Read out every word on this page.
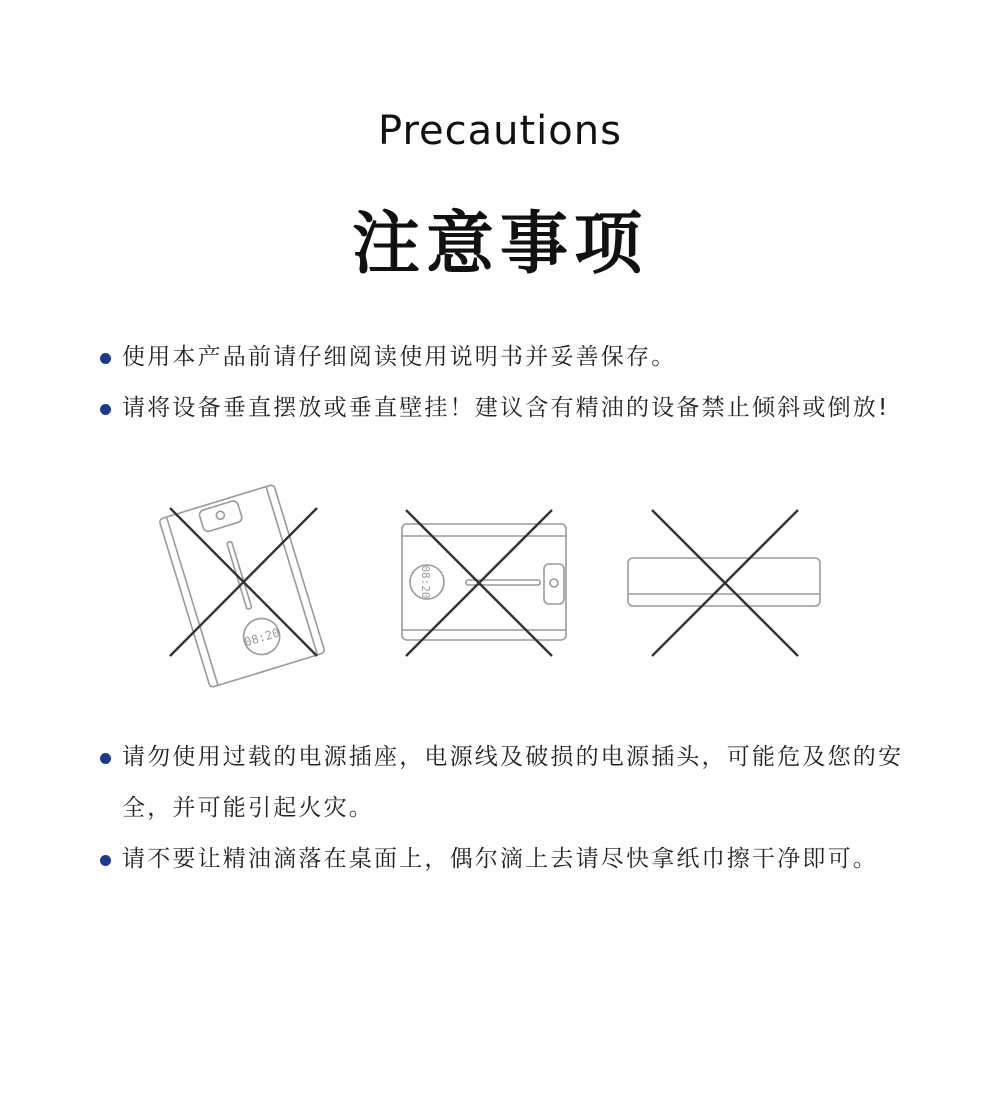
Precautions
注意事项
使用本产品前请仔细阅读使用说明书并妥善保存。
请将设备垂直摆放或垂直壁挂！建议含有精油的设备禁止倾斜或倒放!
08:20
08:20
请勿使用过载的电源插座，电源线及破损的电源插头，可能危及您的安全，并可能引起火灾。
请不要让精油滴落在桌面上，偶尔滴上去请尽快拿纸巾擦干净即可。
